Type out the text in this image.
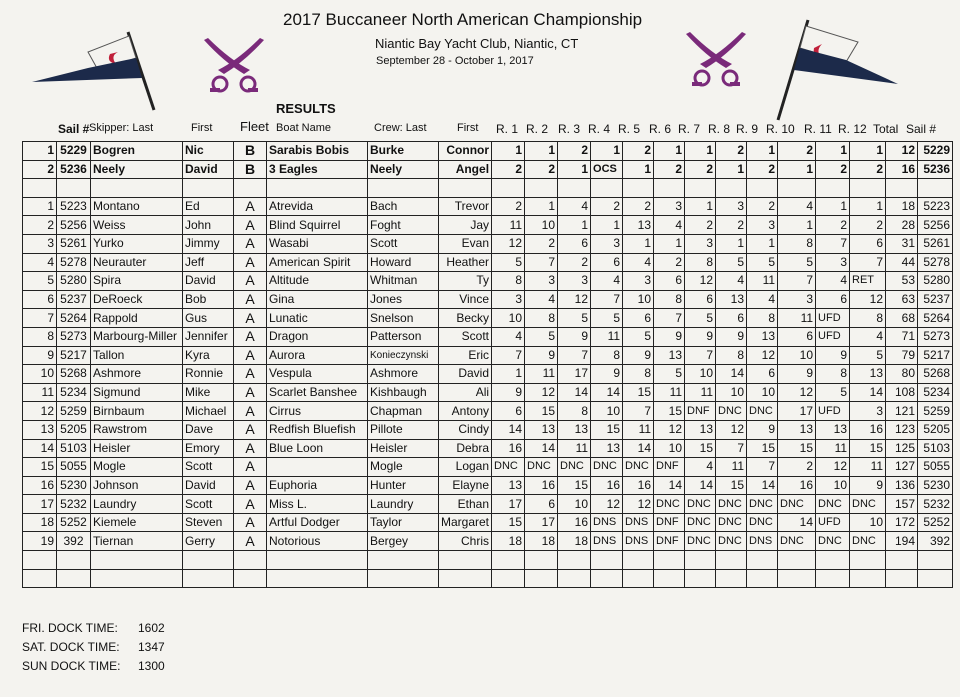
2017 Buccaneer North American Championship
Niantic Bay Yacht Club, Niantic, CT
September 28 - October 1, 2017
RESULTS
Sail # Skipper: Last	First Fleet Boat Name	Crew: Last	First R. 1 R. 2 R. 3 R. 4 R. 5 R. 6 R. 7 R. 8 R. 9 R. 10 R. 11 R. 12 Total Sail #
1	5229	Bogren	Nic	B	Sarabis Bobis	Burke	Connor	1	1	2	1	2	1	1	2	1	2	1	1	12	5229
2	5236	Neely	David	B	3 Eagles	Neely	Angel	2	2	1	OCS	1	2	2	1	2	1	2	2	16	5236

1	5223	Montano	Ed	A	Atrevida	Bach	Trevor	2	1	4	2	2	3	1	3	2	4	1	1	18	5223
2	5256	Weiss	John	A	Blind Squirrel	Foght	Jay	11	10	1	1	13	4	2	2	3	1	2	2	28	5256
3	5261	Yurko	Jimmy	A	Wasabi	Scott	Evan	12	2	6	3	1	1	3	1	1	8	7	6	31	5261
4	5278	Neurauter	Jeff	A	American Spirit	Howard	Heather	5	7	2	6	4	2	8	5	5	5	3	7	44	5278
5	5280	Spira	David	A	Altitude	Whitman	Ty	8	3	3	4	3	6	12	4	11	7	4	RET	53	5280
6	5237	DeRoeck	Bob	A	Gina	Jones	Vince	3	4	12	7	10	8	6	13	4	3	6	12	63	5237
7	5264	Rappold	Gus	A	Lunatic	Snelson	Becky	10	8	5	5	6	7	5	6	8	11	UFD	8	68	5264
8	5273	Marbourg-Miller	Jennifer	A	Dragon	Patterson	Scott	4	5	9	11	5	9	9	9	13	6	UFD	4	71	5273
9	5217	Tallon	Kyra	A	Aurora	Konieczynski	Eric	7	9	7	8	9	13	7	8	12	10	9	5	79	5217
10	5268	Ashmore	Ronnie	A	Vespula	Ashmore	David	1	11	17	9	8	5	10	14	6	9	8	13	80	5268
11	5234	Sigmund	Mike	A	Scarlet Banshee	Kishbaugh	Ali	9	12	14	14	15	11	11	10	10	12	5	14	108	5234
12	5259	Birnbaum	Michael	A	Cirrus	Chapman	Antony	6	15	8	10	7	15	DNF	DNC	DNC	17	UFD	3	121	5259
13	5205	Rawstrom	Dave	A	Redfish Bluefish	Pillote	Cindy	14	13	13	15	11	12	13	12	9	13	13	16	123	5205
14	5103	Heisler	Emory	A	Blue Loon	Heisler	Debra	16	14	11	13	14	10	15	7	15	15	11	15	125	5103
15	5055	Mogle	Scott	A		Mogle	Logan	DNC	DNC	DNC	DNC	DNC	DNF	4	11	7	2	12	11	127	5055
16	5230	Johnson	David	A	Euphoria	Hunter	Elayne	13	16	15	16	16	14	14	15	14	16	10	9	136	5230
17	5232	Laundry	Scott	A	Miss L.	Laundry	Ethan	17	6	10	12	12	DNC	DNC	DNC	DNC	DNC	DNC	DNC	157	5232
18	5252	Kiemele	Steven	A	Artful Dodger	Taylor	Margaret	15	17	16	DNS	DNS	DNF	DNC	DNC	DNC	14	UFD	10	172	5252
19	392	Tiernan	Gerry	A	Notorious	Bergey	Chris	18	18	18	DNS	DNS	DNF	DNC	DNC	DNS	DNC	DNC	DNC	194	392

FRI. DOCK TIME: 1602
SAT. DOCK TIME: 1347
SUN DOCK TIME: 1300
